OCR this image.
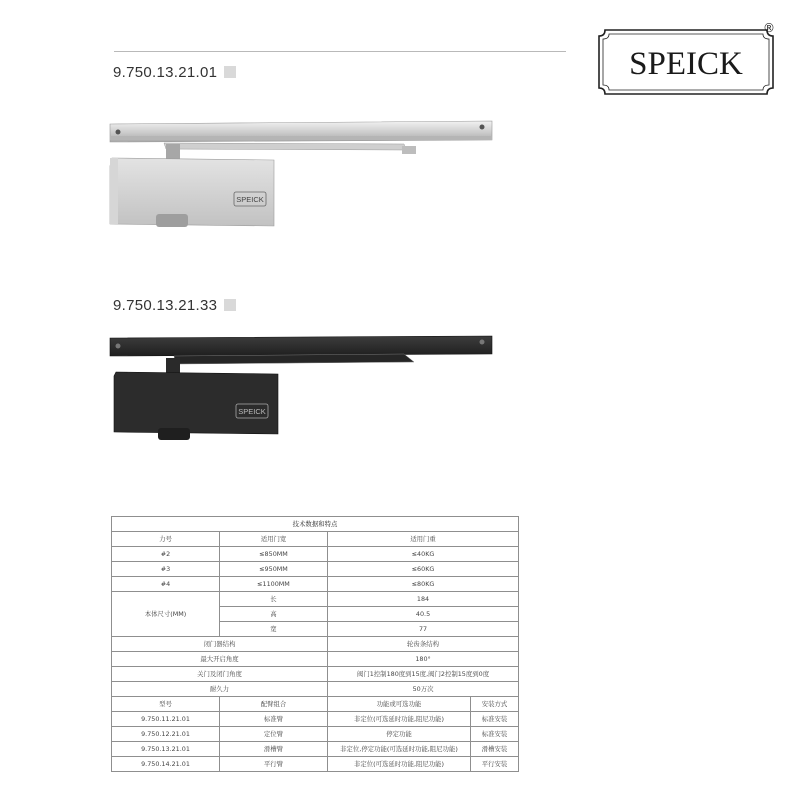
SPEICK
®
9.750.13.21.01
SPEICK
9.750.13.21.33
SPEICK
技术数据和特点			
力号	适用门宽	适用门重	
#2	≤850MM	≤40KG	
#3	≤950MM	≤60KG	
#4	≤1100MM	≤80KG	
本体尺寸(MM)	长	184	
	高	40.5	
	宽	77	
闭门器结构		轮齿条结构	
最大开启角度		180°	
关门及闭门角度		阀门1控制180度到15度,阀门2控制15度到0度	
耐久力		50万次	
型号	配臂组合	功能或可选功能	安装方式
9.750.11.21.01	标准臂	非定位(可选延时功能,阻尼功能)	标准安装
9.750.12.21.01	定位臂	停定功能	标准安装
9.750.13.21.01	滑槽臂	非定位,停定功能(可选延时功能,阻尼功能)	滑槽安装
9.750.14.21.01	平行臂	非定位(可选延时功能,阻尼功能)	平行安装
